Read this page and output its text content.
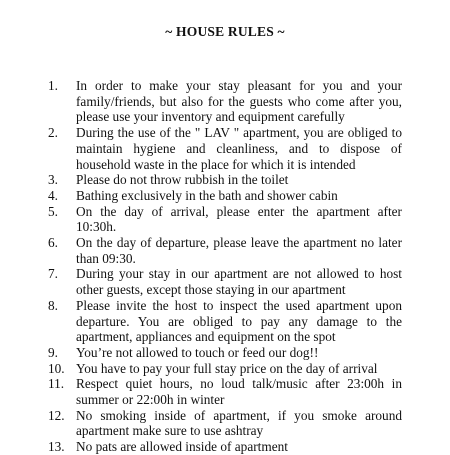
~ HOUSE RULES ~
1.	In order to make your stay pleasant for you and your family/friends, but also for the guests who come after you, please use your inventory and equipment carefully
2.	During the use of the " LAV " apartment, you are obliged to maintain hygiene and cleanliness, and to dispose of household waste in the place for which it is intended
3.	Please do not throw rubbish in the toilet
4.	Bathing exclusively in the bath and shower cabin
5.	On the day of arrival, please enter the apartment after 10:30h.
6.	On the day of departure, please leave the apartment no later than 09:30.
7.	During your stay in our apartment are not allowed to host other guests, except those staying in our apartment
8.	Please invite the host to inspect the used apartment upon departure. You are obliged to pay any damage to the apartment, appliances and equipment on the spot
9.	You’re not allowed to touch or feed our dog!!
10. You have to pay your full stay price on the day of arrival
11. Respect quiet hours, no loud talk/music after 23:00h in summer or 22:00h in winter
12. No smoking inside of apartment, if you smoke around apartment make sure to use ashtray
13. No pats are allowed inside of apartment
